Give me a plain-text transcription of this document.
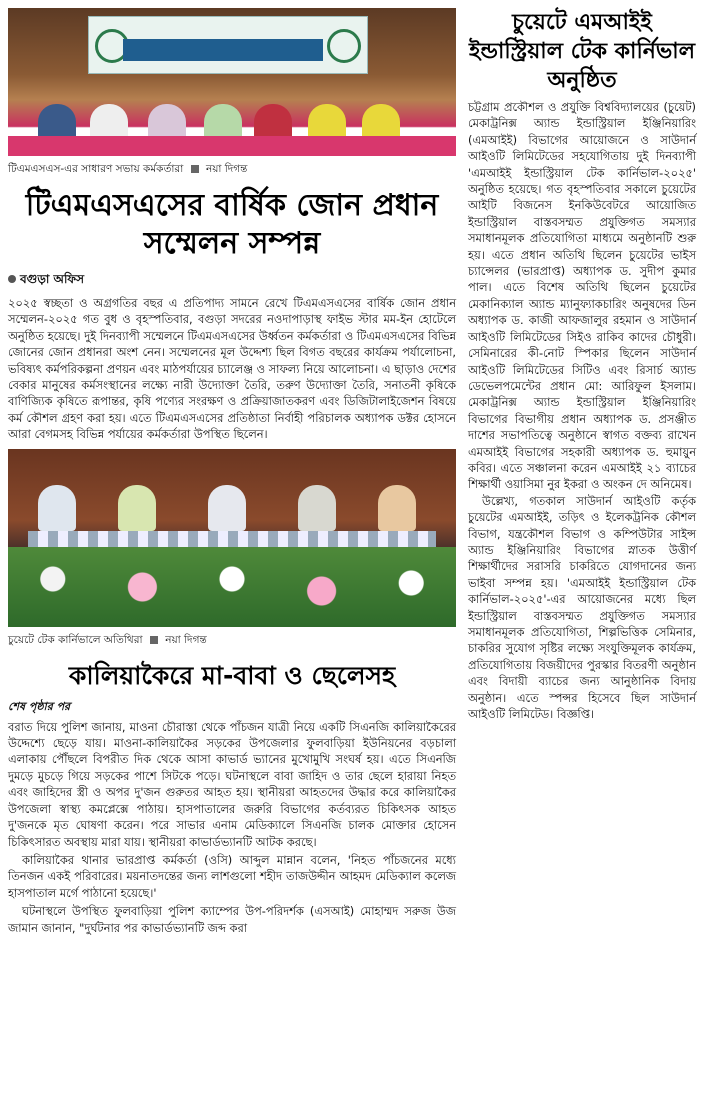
টিএমএসএস-এর সাধারণ সভায় কর্মকর্তারা নয়া দিগন্ত
টিএমএসএসের বার্ষিক জোন প্রধান সম্মেলন সম্পন্ন
বগুড়া অফিস

২০২৫ স্বচ্ছতা ও অগ্রগতির বছর এ প্রতিপাদ্য সামনে রেখে টিএমএসএসের বার্ষিক জোন প্রধান সম্মেলন-২০২৫ গত বুধ ও বৃহস্পতিবার, বগুড়া সদরের নওদাপাড়াস্থ ফাইভ স্টার মম-ইন হোটেলে অনুষ্ঠিত হয়েছে। দুই দিনব্যাপী সম্মেলনে টিএমএসএসের উর্ধ্বতন কর্মকর্তারা ও টিএমএসএসের বিভিন্ন জোনের জোন প্রধানরা অংশ নেন। সম্মেলনের মূল উদ্দেশ্য ছিল বিগত বছরের কার্যক্রম পর্যালোচনা, ভবিষ্যৎ কর্মপরিকল্পনা প্রণয়ন এবং মাঠপর্যায়ের চ্যালেঞ্জ ও সাফল্য নিয়ে আলোচনা। এ ছাড়াও দেশের বেকার মানুষের কর্মসংস্থানের লক্ষ্যে নারী উদ্যোক্তা তৈরি, তরুণ উদ্যোক্তা তৈরি, সনাতনী কৃষিকে বাণিজ্যিক কৃষিতে রূপান্তর, কৃষি পণ্যের সংরক্ষণ ও প্রক্রিয়াজাতকরণ এবং ডিজিটালাইজেশন বিষয়ে কর্ম কৌশল গ্রহণ করা হয়। এতে টিএমএসএসের প্রতিষ্ঠাতা নির্বাহী পরিচালক অধ্যাপক ডক্টর হোসনে আরা বেগমসহ বিভিন্ন পর্যায়ের কর্মকর্তারা উপস্থিত ছিলেন।

চুয়েটে টেক কার্নিভালে অতিথিরা নয়া দিগন্ত
কালিয়াকৈরে মা-বাবা ও ছেলেসহ
শেষ পৃষ্ঠার পর

বরাত দিয়ে পুলিশ জানায়, মাওনা চৌরাস্তা থেকে পাঁচজন যাত্রী নিয়ে একটি সিএনজি কালিয়াকৈরের উদ্দেশ্যে ছেড়ে যায়। মাওনা-কালিয়াকৈর সড়কের উপজেলার ফুলবাড়িয়া ইউনিয়নের বড়চালা এলাকায় পৌঁছলে বিপরীত দিক থেকে আসা কাভার্ড ভ্যানের মুখোমুখি সংঘর্ষ হয়। এতে সিএনজি দুমড়ে মুচড়ে গিয়ে সড়কের পাশে সিটকে পড়ে। ঘটনাস্থলে বাবা জাহিদ ও তার ছেলে হারায়া নিহত এবং জাহিদের স্ত্রী ও অপর দু'জন গুরুতর আহত হয়। স্থানীয়রা আহতদের উদ্ধার করে কালিয়াকৈর উপজেলা স্বাস্থ্য কমপ্লেক্সে পাঠায়। হাসপাতালের জরুরি বিভাগের কর্তব্যরত চিকিৎসক আহত দু'জনকে মৃত ঘোষণা করেন। পরে সাভার এনাম মেডিক্যালে সিএনজি চালক মোক্তার হোসেন চিকিৎসারত অবস্থায় মারা যায়। স্থানীয়রা কাভার্ডভ্যানটি আটক করছে।

কালিয়াকৈর থানার ভারপ্রাপ্ত কর্মকর্তা (ওসি) আব্দুল মান্নান বলেন, 'নিহত পাঁচজনের মধ্যে তিনজন একই পরিবারের। ময়নাতদন্তের জন্য লাশগুলো শহীদ তাজউদ্দীন আহমদ মেডিক্যাল কলেজ হাসপাতাল মর্গে পাঠানো হয়েছে।'

ঘটনাস্থলে উপস্থিত ফুলবাড়িয়া পুলিশ ক্যাম্পের উপ-পরিদর্শক (এসআই) মোহাম্মদ সরুজ উজ জামান জানান, "দুর্ঘটনার পর কাভার্ডভ্যানটি জব্দ করা

চুয়েটে এমআইই ইন্ডাস্ট্রিয়াল টেক কার্নিভাল অনুষ্ঠিত

চট্টগ্রাম প্রকৌশল ও প্রযুক্তি বিশ্ববিদ্যালয়ের (চুয়েট) মেকাট্রনিক্স অ্যান্ড ইন্ডাস্ট্রিয়াল ইঞ্জিনিয়ারিং (এমআইই) বিভাগের আয়োজনে ও সাউদার্ন আইওটি লিমিটেডের সহযোগিতায় দুই দিনব্যাপী 'এমআইই ইন্ডাস্ট্রিয়াল টেক কার্নিভাল-২০২৫' অনুষ্ঠিত হয়েছে। গত বৃহস্পতিবার সকালে চুয়েটের আইটি বিজনেস ইনকিউবেটরে আয়োজিত ইন্ডাস্ট্রিয়াল বাস্তবসম্মত প্রযুক্তিগত সমস্যার সমাধানমূলক প্রতিযোগিতা মাধ্যমে অনুষ্ঠানটি শুরু হয়। এতে প্রধান অতিথি ছিলেন চুয়েটের ভাইস চ্যান্সেলর (ভারপ্রাপ্ত) অধ্যাপক ড. সুদীপ কুমার পাল। এতে বিশেষ অতিথি ছিলেন চুয়েটের মেকানিক্যাল অ্যান্ড ম্যানুফ্যাকচারিং অনুষদের ডিন অধ্যাপক ড. কাজী আফজালুর রহমান ও সাউদার্ন আইওটি লিমিটেডের সিইও রাকিব কাদের চৌধুরী। সেমিনারের কী-নোট স্পিকার ছিলেন সাউদার্ন আইওটি লিমিটেডের সিটিও এবং রিসার্চ অ্যান্ড ডেভেলপমেন্টের প্রধান মো: আরিফুল ইসলাম। মেকাট্রনিক্স অ্যান্ড ইন্ডাস্ট্রিয়াল ইঞ্জিনিয়ারিং বিভাগের বিভাগীয় প্রধান অধ্যাপক ড. প্রসঞ্জীত দাশের সভাপতিত্বে অনুষ্ঠানে স্বাগত বক্তব্য রাখেন এমআইই বিভাগের সহকারী অধ্যাপক ড. হুমায়ুন কবির। এতে সঞ্চালনা করেন এমআইই ২১ ব্যাচের শিক্ষার্থী ওয়াসিমা নুর ইকরা ও অংকন দে অনিমেষ।

উল্লেখ্য, গতকাল সাউদার্ন আইওটি কর্তৃক চুয়েটের এমআইই, তড়িৎ ও ইলেকট্রনিক কৌশল বিভাগ, যন্ত্রকৌশল বিভাগ ও কম্পিউটার সাইন্স অ্যান্ড ইঞ্জিনিয়ারিং বিভাগের স্নাতক উত্তীর্ণ শিক্ষার্থীদের সরাসরি চাকরিতে যোগদানের জন্য ভাইবা সম্পন্ন হয়। 'এমআইই ইন্ডাস্ট্রিয়াল টেক কার্নিভাল-২০২৫'-এর আয়োজনের মধ্যে ছিল ইন্ডাস্ট্রিয়াল বাস্তবসম্মত প্রযুক্তিগত সমস্যার সমাধানমূলক প্রতিযোগিতা, শিল্পভিত্তিক সেমিনার, চাকরির সুযোগ সৃষ্টির লক্ষ্যে সংযুক্তিমূলক কার্যক্রম, প্রতিযোগিতায় বিজয়ীদের পুরস্কার বিতরণী অনুষ্ঠান এবং বিদায়ী ব্যাচের জন্য আনুষ্ঠানিক বিদায় অনুষ্ঠান। এতে স্পন্সর হিসেবে ছিল সাউদার্ন আইওটি লিমিটেড। বিজ্ঞপ্তি।
